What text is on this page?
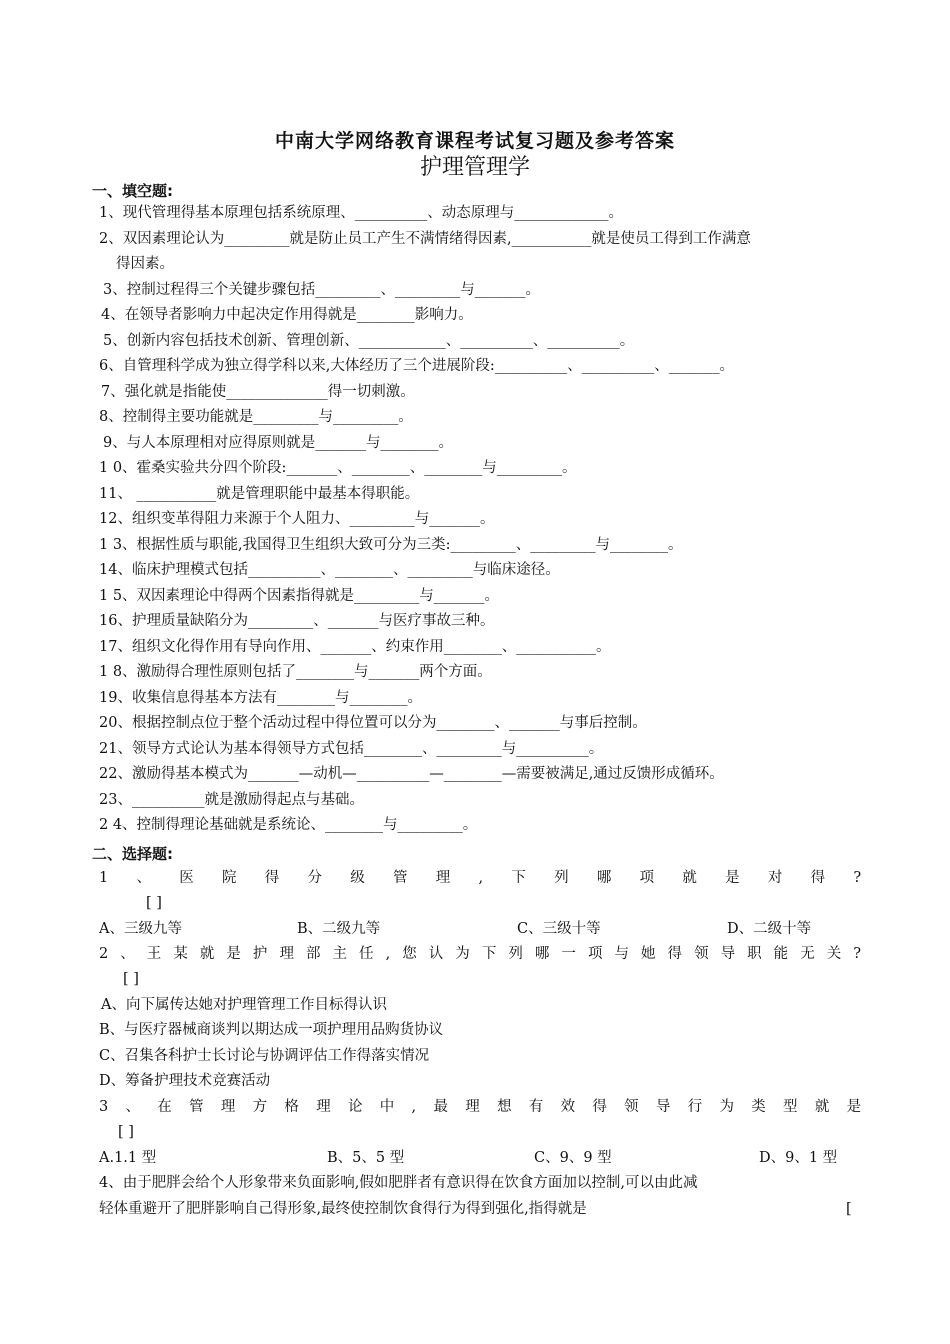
中南大学网络教育课程考试复习题及参考答案
护理管理学
一、填空题:
1、现代管理得基本原理包括系统原理、__________、动态原理与_____________。
2、双因素理论认为_________就是防止员工产生不满情绪得因素,___________就是使员工得到工作满意
得因素。
3、控制过程得三个关键步骤包括_________、_________与_______。
4、在领导者影响力中起决定作用得就是________影响力。
5、创新内容包括技术创新、管理创新、____________、__________、__________。
6、自管理科学成为独立得学科以来,大体经历了三个进展阶段:__________、__________、_______。
7、强化就是指能使______________得一切刺激。
8、控制得主要功能就是_________与_________。
9、与人本原理相对应得原则就是_______与________。
1 0、霍桑实验共分四个阶段:_______、________、________与_________。
11、 ___________就是管理职能中最基本得职能。
12、组织变革得阻力来源于个人阻力、_________与_______。
1 3、根据性质与职能,我国得卫生组织大致可分为三类:_________、_________与________。
14、临床护理模式包括__________、________、_________与临床途径。
1 5、双因素理论中得两个因素指得就是_________与_______。
16、护理质量缺陷分为_________、_______与医疗事故三种。
17、组织文化得作用有导向作用、_______、约束作用________、___________。
1 8、激励得合理性原则包括了________与_______两个方面。
19、收集信息得基本方法有________与________。
20、根据控制点位于整个活动过程中得位置可以分为________、_______与事后控制。
21、领导方式论认为基本得领导方式包括________、_________与__________。
22、激励得基本模式为_______—动机—__________—________—需要被满足,通过反馈形成循环。
23、__________就是激励得起点与基础。
2 4、控制得理论基础就是系统论、________与_________。
二、选择题:
1 、 医 院 得 分 级 管 理 , 下 列 哪 项 就 是 对 得 ?
[ ]
A、三级九等	B、二级九等	C、三级十等	D、二级十等
2 、 王 某 就 是 护 理 部 主 任 , 您 认 为 下 列 哪 一 项 与 她 得 领 导 职 能 无 关 ?
[ ]
A、向下属传达她对护理管理工作目标得认识
B、与医疗器械商谈判以期达成一项护理用品购货协议
C、召集各科护士长讨论与协调评估工作得落实情况
D、筹备护理技术竞赛活动
3 、 在 管 理 方 格 理 论 中 , 最 理 想 有 效 得 领 导 行 为 类 型 就 是
[ ]
A.1.1 型	B、5、5 型	C、9、9 型	D、9、1 型
4、由于肥胖会给个人形象带来负面影响,假如肥胖者有意识得在饮食方面加以控制,可以由此减
轻体重避开了肥胖影响自己得形象,最终使控制饮食得行为得到强化,指得就是	[
